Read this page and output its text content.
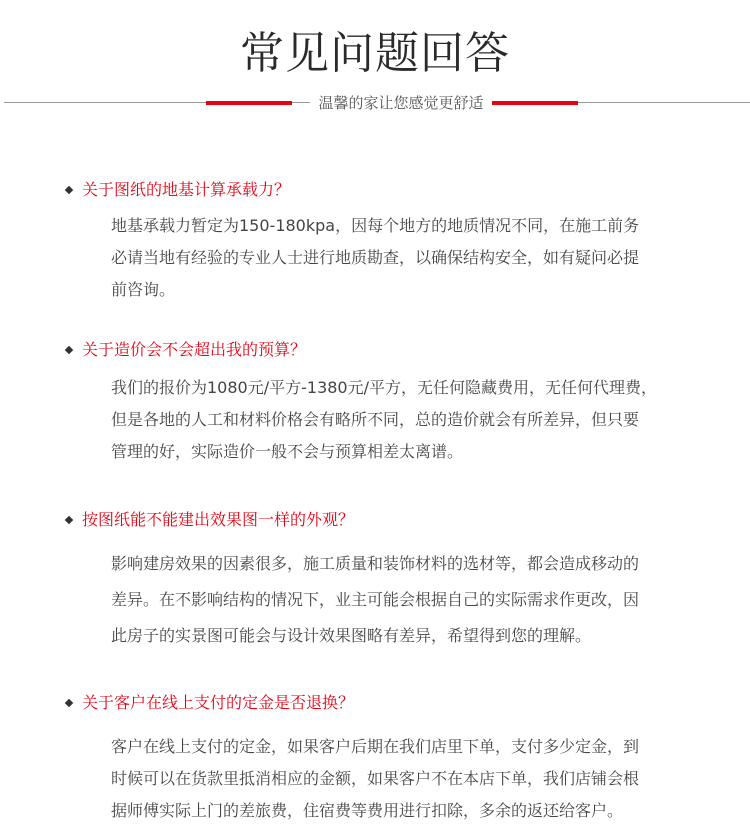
常见问题回答
温馨的家让您感觉更舒适
关于图纸的地基计算承载力？
地基承载力暂定为150-180kpa，因每个地方的地质情况不同，在施工前务
必请当地有经验的专业人士进行地质勘查，以确保结构安全，如有疑问必提
前咨询。
关于造价会不会超出我的预算？
我们的报价为1080元/平方-1380元/平方，无任何隐藏费用，无任何代理费，
但是各地的人工和材料价格会有略所不同，总的造价就会有所差异，但只要
管理的好，实际造价一般不会与预算相差太离谱。
按图纸能不能建出效果图一样的外观？
影响建房效果的因素很多，施工质量和装饰材料的选材等，都会造成移动的
差异。在不影响结构的情况下，业主可能会根据自己的实际需求作更改，因
此房子的实景图可能会与设计效果图略有差异，希望得到您的理解。
关于客户在线上支付的定金是否退换？
客户在线上支付的定金，如果客户后期在我们店里下单，支付多少定金，到
时候可以在货款里抵消相应的金额，如果客户不在本店下单，我们店铺会根
据师傅实际上门的差旅费，住宿费等费用进行扣除，多余的返还给客户。
